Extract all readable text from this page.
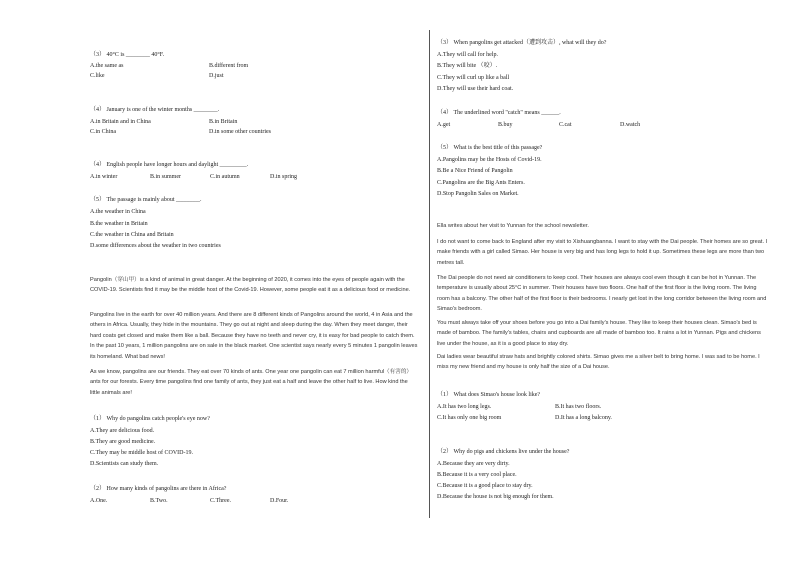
（3） 40°C is ________ 40°F.
A.the same as	B.different from
C.like	D.just
（4） January is one of the winter months ________.
A.in Britain and in China	B.in Britain
C.in China	D.in some other countries
（4） English people have longer hours and daylight _________.
A.in winter	B.in summer	C.in autumn	D.in spring
（5） The passage is mainly about ________.
A.the weather in China
B.the weather in Britain
C.the weather in China and Britain
D.some differences about the weather in two countries
Pangolin（穿山甲）is a kind of animal in great danger. At the beginning of 2020, it comes into the eyes of people again with the COVID-19. Scientists find it may be the middle host of the Covid-19. However, some people eat it as a delicious food or medicine.
Pangolins live in the earth for over 40 million years. And there are 8 different kinds of Pangolins around the world, 4 in Asia and the others in Africa. Usually, they hide in the mountains. They go out at night and sleep during the day. When they meet danger, their hard coats get closed and make them like a ball. Because they have no teeth and never cry, it is easy for bad people to catch them. In the past 10 years, 1 million pangolins are on sale in the black market. One scientist says nearly every 5 minutes 1 pangolin leaves its homeland. What bad news!
As we know, pangolins are our friends. They eat over 70 kinds of ants. One year one pangolin can eat 7 million harmful（有害的）ants for our forests. Every time pangolins find one family of ants, they just eat a half and leave the other half to live. How kind the little animals are!
（1） Why do pangolins catch people's eye now?
A.They are delicious food.
B.They are good medicine.
C.They may be middle host of COVID-19.
D.Scientists can study them.
（2） How many kinds of pangolins are there in Africa?
A.One.	B.Two.	C.Three.	D.Four.
（3） When pangolins get attacked（遭到攻击）, what will they do?
A.They will call for help.
B.They will bite （咬）.
C.They will curl up like a ball
D.They will use their hard coat.
（4） The underlined word "catch" means ______.
A.get	B.buy	C.cat	D.watch
（5） What is the best title of this passage?
A.Pangolins may be the Hosts of Covid-19.
B.Be a Nice Friend of Pangolin
C.Pangolins are the Big Ants Enters.
D.Stop Pangolin Sales on Market.
Ella writes about her visit to Yunnan for the school newsletter.
I do not want to come back to England after my visit to Xishuangbanna. I want to stay with the Dai people. Their homes are so great. I make friends with a girl called Simao. Her house is very big and has long legs to hold it up. Sometimes these legs are more than two metres tall.
The Dai people do not need air conditioners to keep cool. Their houses are always cool even though it can be hot in Yunnan. The temperature is usually about 25°C in summer. Their houses have two floors. One half of the first floor is the living room. The living room has a balcony. The other half of the first floor is their bedrooms. I nearly get lost in the long corridor between the living room and Simao's bedroom.
You must always take off your shoes before you go into a Dai family's house. They like to keep their houses clean. Simao's bed is made of bamboo. The family's tables, chairs and cupboards are all made of bamboo too. It rains a lot in Yunnan. Pigs and chickens live under the house, as it is a good place to stay dry.
Dai ladies wear beautiful straw hats and brightly colored shirts. Simao gives me a silver belt to bring home. I was sad to be home. I miss my new friend and my house is only half the size of a Dai house.
（1） What does Simao's house look like?
A.It has two long legs.	B.It has two floors.
C.It has only one big room	D.It has a long balcony.
（2） Why do pigs and chickens live under the house?
A.Because they are very dirty.
B.Because it is a very cool place.
C.Because it is a good place to stay dry.
D.Because the house is not big enough for them.
